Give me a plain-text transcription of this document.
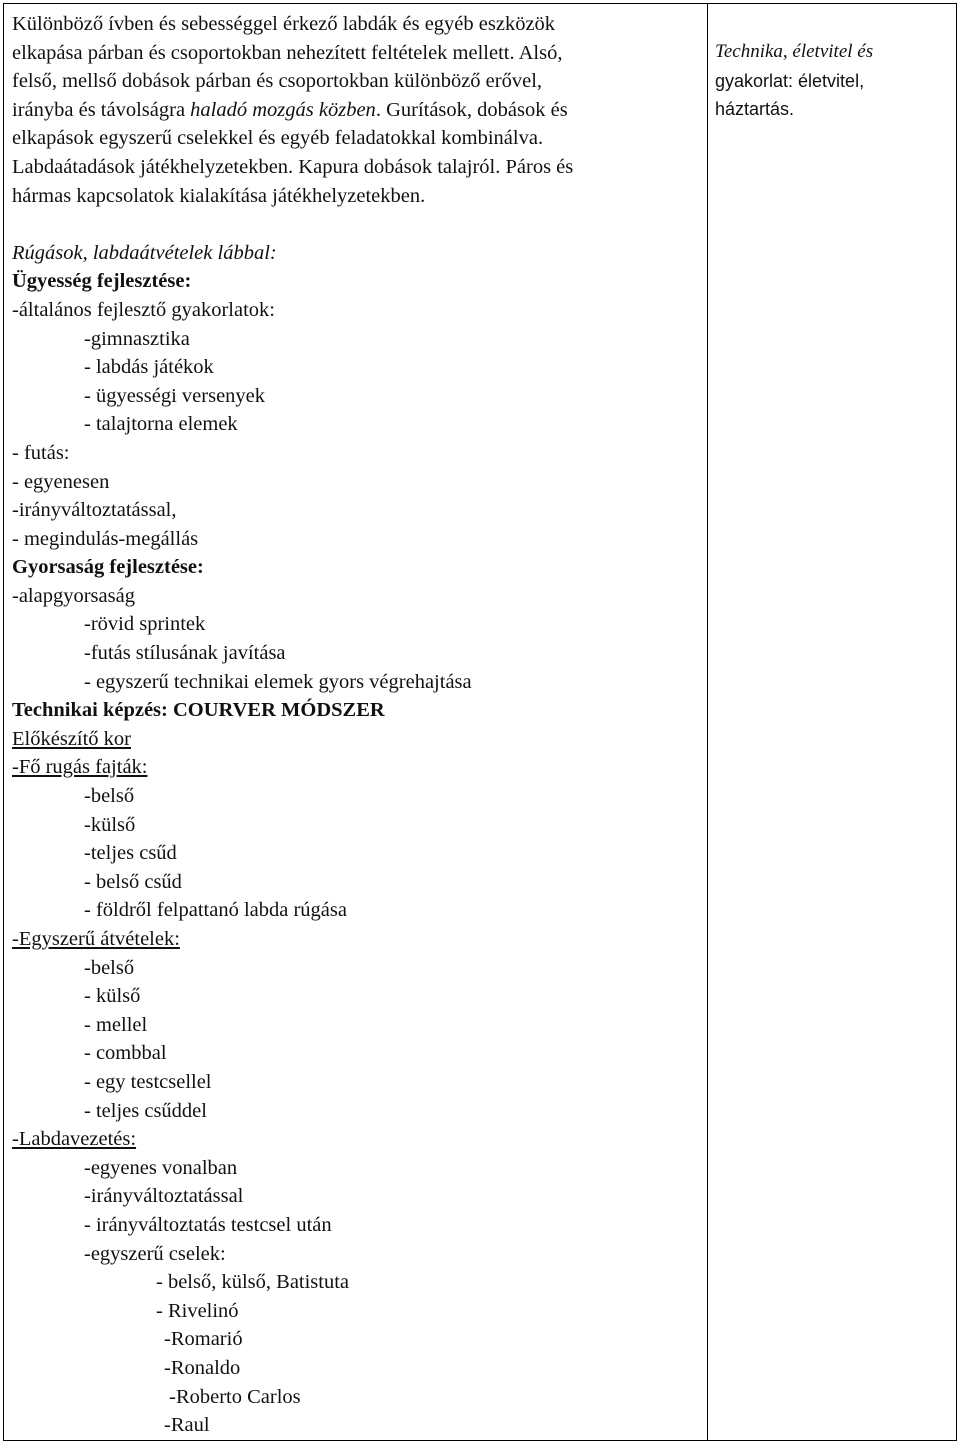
Különböző ívben és sebességgel érkező labdák és egyéb eszközök
elkapása párban és csoportokban nehezített feltételek mellett. Alsó,
felső, mellső dobások párban és csoportokban különböző erővel,
irányba és távolságra haladó mozgás közben. Gurítások, dobások és
elkapások egyszerű cselekkel és egyéb feladatokkal kombinálva.
Labdaátadások játékhelyzetekben. Kapura dobások talajról. Páros és
hármas kapcsolatok kialakítása játékhelyzetekben.
Rúgások, labdaátvételek lábbal:
Ügyesség fejlesztése:
-általános fejlesztő gyakorlatok:
-gimnasztika
- labdás játékok
- ügyességi versenyek
- talajtorna elemek
- futás:
- egyenesen
-irányváltoztatással,
- megindulás-megállás
Gyorsaság fejlesztése:
-alapgyorsaság
-rövid sprintek
-futás stílusának javítása
- egyszerű technikai elemek gyors végrehajtása
Technikai képzés: COURVER MÓDSZER
Előkészítő kor
-Fő rugás fajták:
-belső
-külső
-teljes csűd
- belső csűd
- földről felpattanó labda rúgása
-Egyszerű átvételek:
-belső
- külső
- mellel
- combbal
- egy testcsellel
- teljes csűddel
-Labdavezetés:
-egyenes vonalban
-irányváltoztatással
- irányváltoztatás testcsel után
-egyszerű cselek:
- belső, külső, Batistuta
- Rivelinó
-Romarió
-Ronaldo
-Roberto Carlos
-Raul

Technika, életvitel és
gyakorlat: életvitel,
háztartás.
